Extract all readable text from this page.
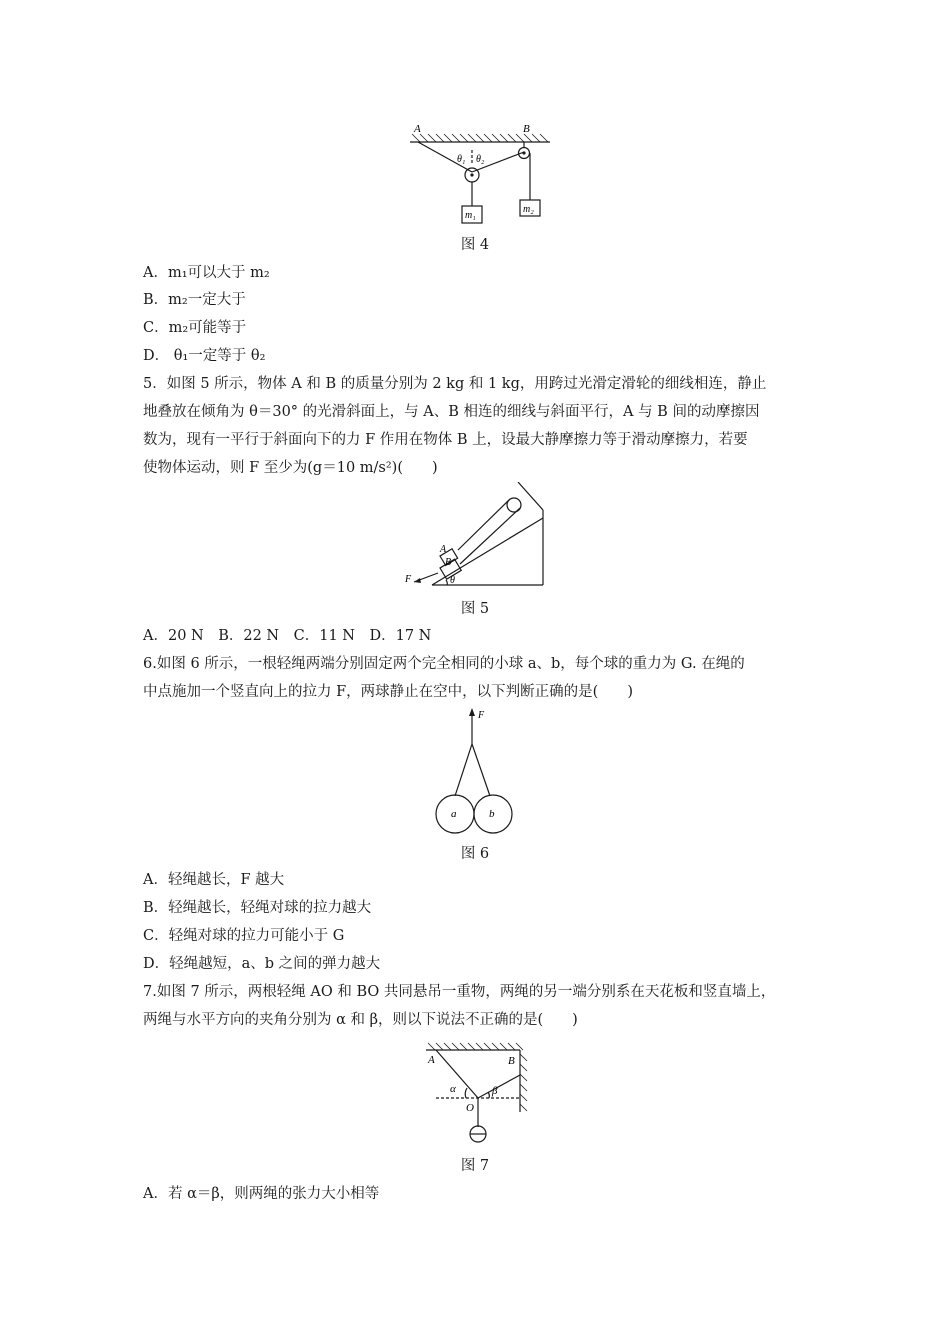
A	B
θ₁ θ₂
m₁
m₂
图 4
A．m₁可以大于 m₂
B．m₂一定大于
C．m₂可能等于
D． θ₁一定等于 θ₂
5．如图 5 所示，物体 A 和 B 的质量分别为 2 kg 和 1 kg，用跨过光滑定滑轮的细线相连，静止
地叠放在倾角为 θ＝30° 的光滑斜面上，与 A、B 相连的细线与斜面平行，A 与 B 间的动摩擦因
数为，现有一平行于斜面向下的力 F 作用在物体 B 上，设最大静摩擦力等于滑动摩擦力，若要
使物体运动，则 F 至少为(g＝10 m/s²)(　　)
A
B
F	θ
图 5
A．20 N　B．22 N　C．11 N　D．17 N
6.如图 6 所示，一根轻绳两端分别固定两个完全相同的小球 a、b，每个球的重力为 G. 在绳的
中点施加一个竖直向上的拉力 F，两球静止在空中，以下判断正确的是(　　)
F
a	b
图 6
A．轻绳越长，F 越大
B．轻绳越长，轻绳对球的拉力越大
C．轻绳对球的拉力可能小于 G
D．轻绳越短，a、b 之间的弹力越大
7.如图 7 所示，两根轻绳 AO 和 BO 共同悬吊一重物，两绳的另一端分别系在天花板和竖直墙上，
两绳与水平方向的夹角分别为 α 和 β，则以下说法不正确的是(　　)
A	B
α	β
O
图 7
A．若 α＝β，则两绳的张力大小相等
